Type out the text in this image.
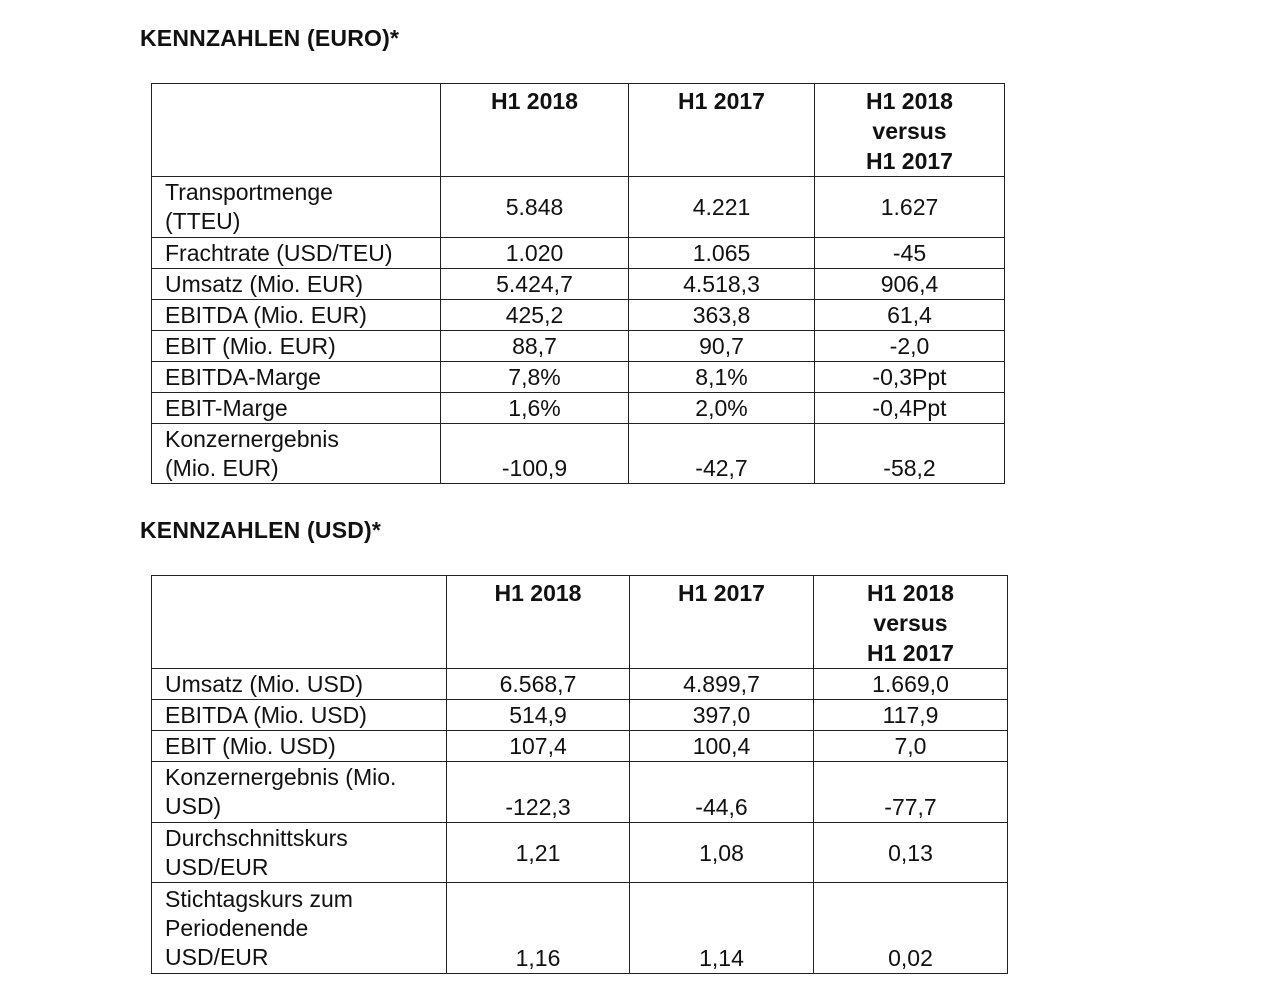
KENNZAHLEN (EURO)*
	H1 2018	H1 2017	H1 2018
versus
H1 2017
Transportmenge
(TTEU)	5.848	4.221	1.627
Frachtrate (USD/TEU)	1.020	1.065	-45
Umsatz (Mio. EUR)	5.424,7	4.518,3	906,4
EBITDA (Mio. EUR)	425,2	363,8	61,4
EBIT (Mio. EUR)	88,7	90,7	-2,0
EBITDA-Marge	7,8%	8,1%	-0,3Ppt
EBIT-Marge	1,6%	2,0%	-0,4Ppt
Konzernergebnis
(Mio. EUR)	-100,9	-42,7	-58,2
KENNZAHLEN (USD)*
	H1 2018	H1 2017	H1 2018
versus
H1 2017
Umsatz (Mio. USD)	6.568,7	4.899,7	1.669,0
EBITDA (Mio. USD)	514,9	397,0	117,9
EBIT (Mio. USD)	107,4	100,4	7,0
Konzernergebnis (Mio.
USD)	-122,3	-44,6	-77,7
Durchschnittskurs
USD/EUR	1,21	1,08	0,13
Stichtagskurs zum
Periodenende
USD/EUR	1,16	1,14	0,02
